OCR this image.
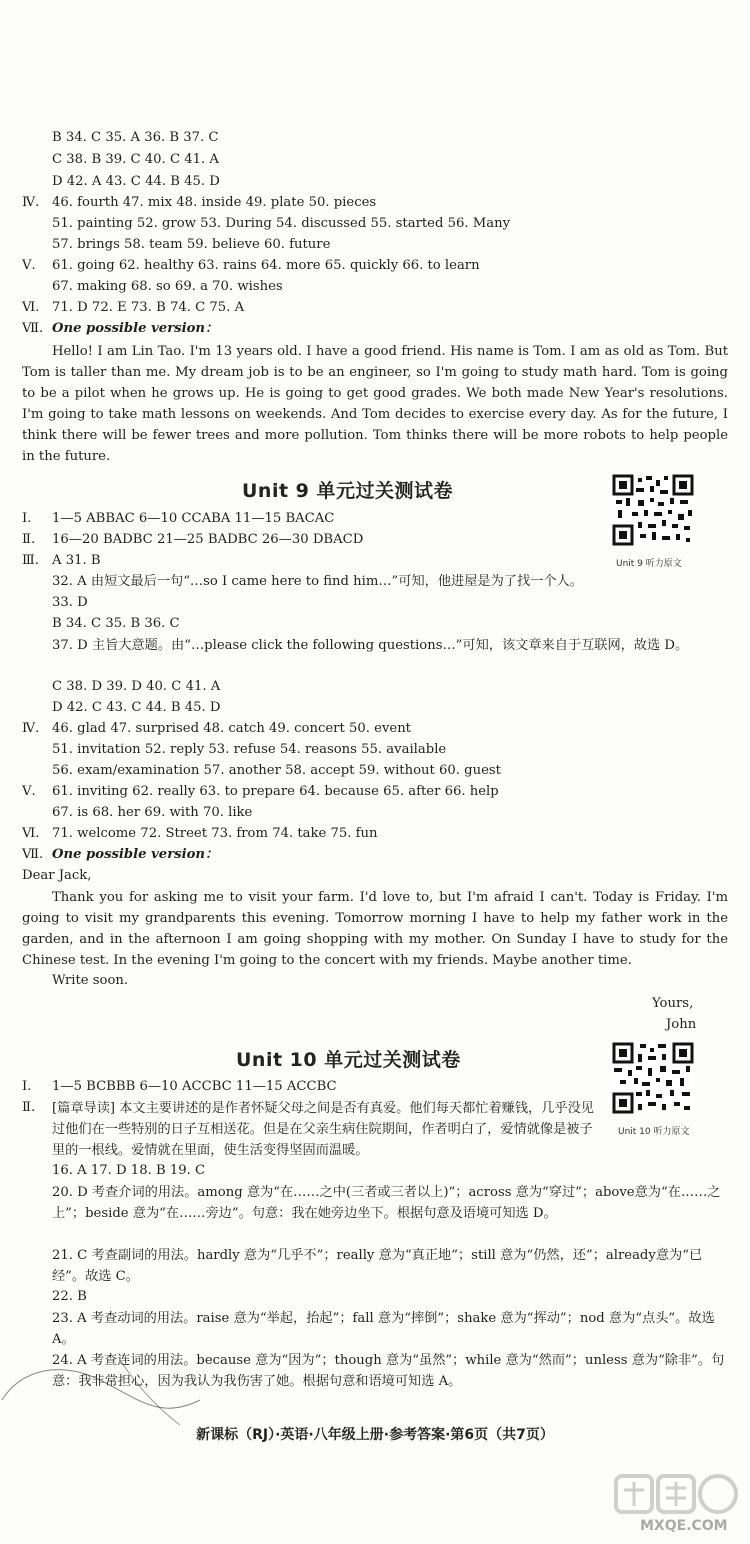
B 34. C 35. A 36. B 37. C
C 38. B 39. C 40. C 41. A
D 42. A 43. C 44. B 45. D
Ⅳ. 46. fourth 47. mix 48. inside 49. plate 50. pieces
51. painting 52. grow 53. During 54. discussed 55. started 56. Many
57. brings 58. team 59. believe 60. future
Ⅴ. 61. going 62. healthy 63. rains 64. more 65. quickly 66. to learn
67. making 68. so 69. a 70. wishes
Ⅵ. 71. D 72. E 73. B 74. C 75. A
Ⅶ. One possible version：
Hello! I am Lin Tao. I'm 13 years old. I have a good friend. His name is Tom. I am as old as Tom. But Tom is taller than me. My dream job is to be an engineer, so I'm going to study math hard. Tom is going to be a pilot when he grows up. He is going to get good grades. We both made New Year's resolutions. I'm going to take math lessons on weekends. And Tom decides to exercise every day. As for the future, I think there will be fewer trees and more pollution. Tom thinks there will be more robots to help people in the future.
Unit 9 单元过关测试卷
Unit 9 听力原文
Ⅰ. 1—5 ABBAC 6—10 CCABA 11—15 BACAC
Ⅱ. 16—20 BADBC 21—25 BADBC 26—30 DBACD
Ⅲ. A 31. B
32. A 由短文最后一句“…so I came here to find him…”可知，他进屋是为了找一个人。
33. D
B 34. C 35. B 36. C
37. D 主旨大意题。由“…please click the following questions…”可知，该文章来自于互联网，故选 D。
C 38. D 39. D 40. C 41. A
D 42. C 43. C 44. B 45. D
Ⅳ. 46. glad 47. surprised 48. catch 49. concert 50. event
51. invitation 52. reply 53. refuse 54. reasons 55. available
56. exam/examination 57. another 58. accept 59. without 60. guest
Ⅴ. 61. inviting 62. really 63. to prepare 64. because 65. after 66. help
67. is 68. her 69. with 70. like
Ⅵ. 71. welcome 72. Street 73. from 74. take 75. fun
Ⅶ. One possible version：
Dear Jack,
Thank you for asking me to visit your farm. I'd love to, but I'm afraid I can't. Today is Friday. I'm going to visit my grandparents this evening. Tomorrow morning I have to help my father work in the garden, and in the afternoon I am going shopping with my mother. On Sunday I have to study for the Chinese test. In the evening I'm going to the concert with my friends. Maybe another time.
Write soon.
Yours,
John
Unit 10 单元过关测试卷
Unit 10 听力原文
Ⅰ. 1—5 BCBBB 6—10 ACCBC 11—15 ACCBC
Ⅱ. [篇章导读] 本文主要讲述的是作者怀疑父母之间是否有真爱。他们每天都忙着赚钱，几乎没见过他们在一些特别的日子互相送花。但是在父亲生病住院期间，作者明白了，爱情就像是被子里的一根线。爱情就在里面，使生活变得坚固而温暖。
16. A 17. D 18. B 19. C
20. D 考查介词的用法。among 意为“在……之中(三者或三者以上)”；across 意为“穿过”；above意为“在……之上”；beside 意为“在……旁边”。句意：我在她旁边坐下。根据句意及语境可知选 D。
21. C 考查副词的用法。hardly 意为“几乎不”；really 意为“真正地”；still 意为“仍然，还”；already意为“已经”。故选 C。
22. B
23. A 考查动词的用法。raise 意为“举起，抬起”；fall 意为“摔倒”；shake 意为“挥动”；nod 意为“点头”。故选 A。
24. A 考查连词的用法。because 意为“因为”；though 意为“虽然”；while 意为“然而”；unless 意为“除非”。句意：我非常担心，因为我认为我伤害了她。根据句意和语境可知选 A。
新课标（RJ）·英语·八年级上册·参考答案·第6页（共7页）
MXQE.COM
